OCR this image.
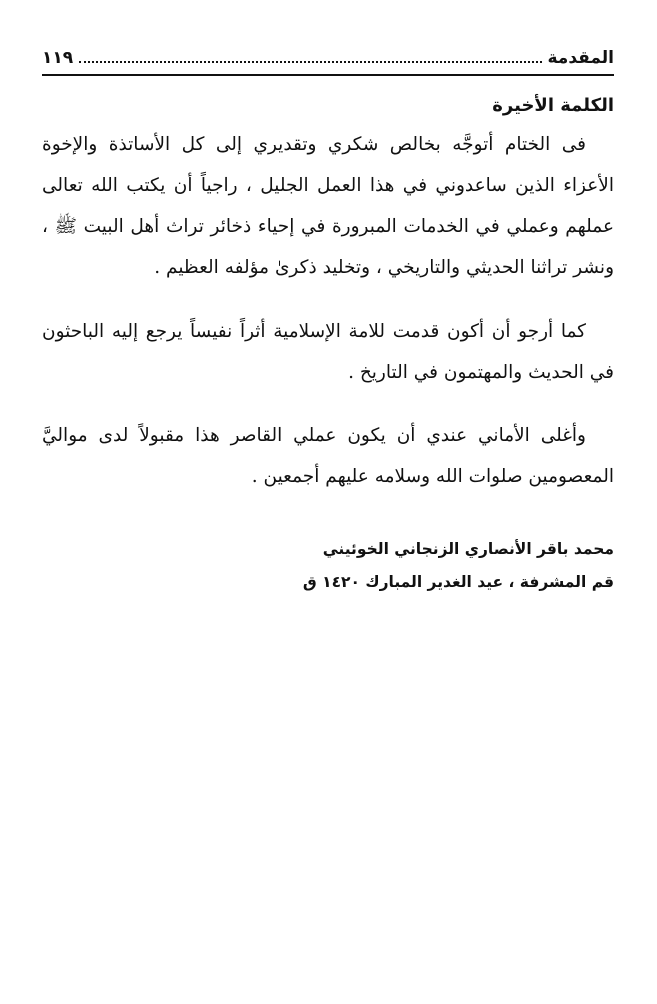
المقدمة
١١٩
الكلمة الأخيرة

فى الختام أتوجَّه بخالص شكري وتقديري إلى كل الأساتذة والإخوة الأعزاء الذين ساعدوني في هذا العمل الجليل ، راجياً أن يكتب الله تعالى عملهم وعملي في الخدمات المبرورة في إحياء ذخائر تراث أهل البيت ﷺ ، ونشر تراثنا الحديثي والتاريخي ، وتخليد ذكرىٰ مؤلفه العظيم .

كما أرجو أن أكون قدمت للامة الإسلامية أثراً نفيساً يرجع إليه الباحثون في الحديث والمهتمون في التاريخ .

وأغلى الأماني عندي أن يكون عملي القاصر هذا مقبولاً لدى مواليَّ المعصومين صلوات الله وسلامه عليهم أجمعين .

محمد باقر الأنصاري الزنجاني الخوئيني
قم المشرفة ، عيد الغدير المبارك ١٤٢٠ ق
